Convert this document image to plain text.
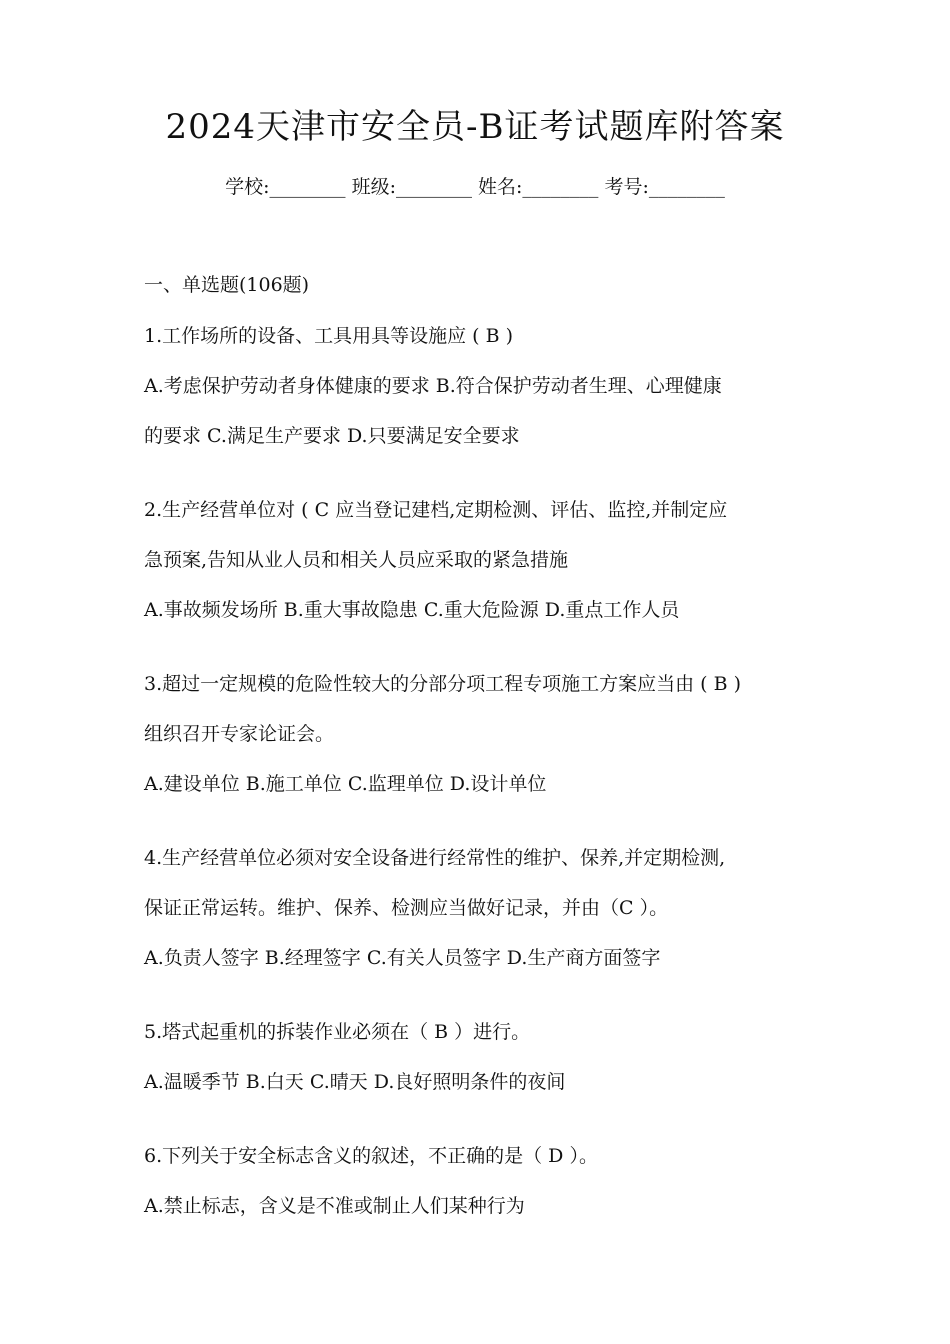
2024天津市安全员-B证考试题库附答案
学校:________ 班级:________ 姓名:________ 考号:________
一、单选题(106题)
1.工作场所的设备、工具用具等设施应 ( B )
A.考虑保护劳动者身体健康的要求 B.符合保护劳动者生理、心理健康
的要求 C.满足生产要求 D.只要满足安全要求
2.生产经营单位对 ( C 应当登记建档,定期检测、评估、监控,并制定应
急预案,告知从业人员和相关人员应采取的紧急措施
A.事故频发场所 B.重大事故隐患 C.重大危险源 D.重点工作人员
3.超过一定规模的危险性较大的分部分项工程专项施工方案应当由 ( B )
组织召开专家论证会。
A.建设单位 B.施工单位 C.监理单位 D.设计单位
4.生产经营单位必须对安全设备进行经常性的维护、保养,并定期检测,
保证正常运转。维护、保养、检测应当做好记录，并由（C ）。
A.负责人签字 B.经理签字 C.有关人员签字 D.生产商方面签字
5.塔式起重机的拆装作业必须在（ B ）进行。
A.温暖季节 B.白天 C.晴天 D.良好照明条件的夜间
6.下列关于安全标志含义的叙述，不正确的是（ D ）。
A.禁止标志，含义是不准或制止人们某种行为
